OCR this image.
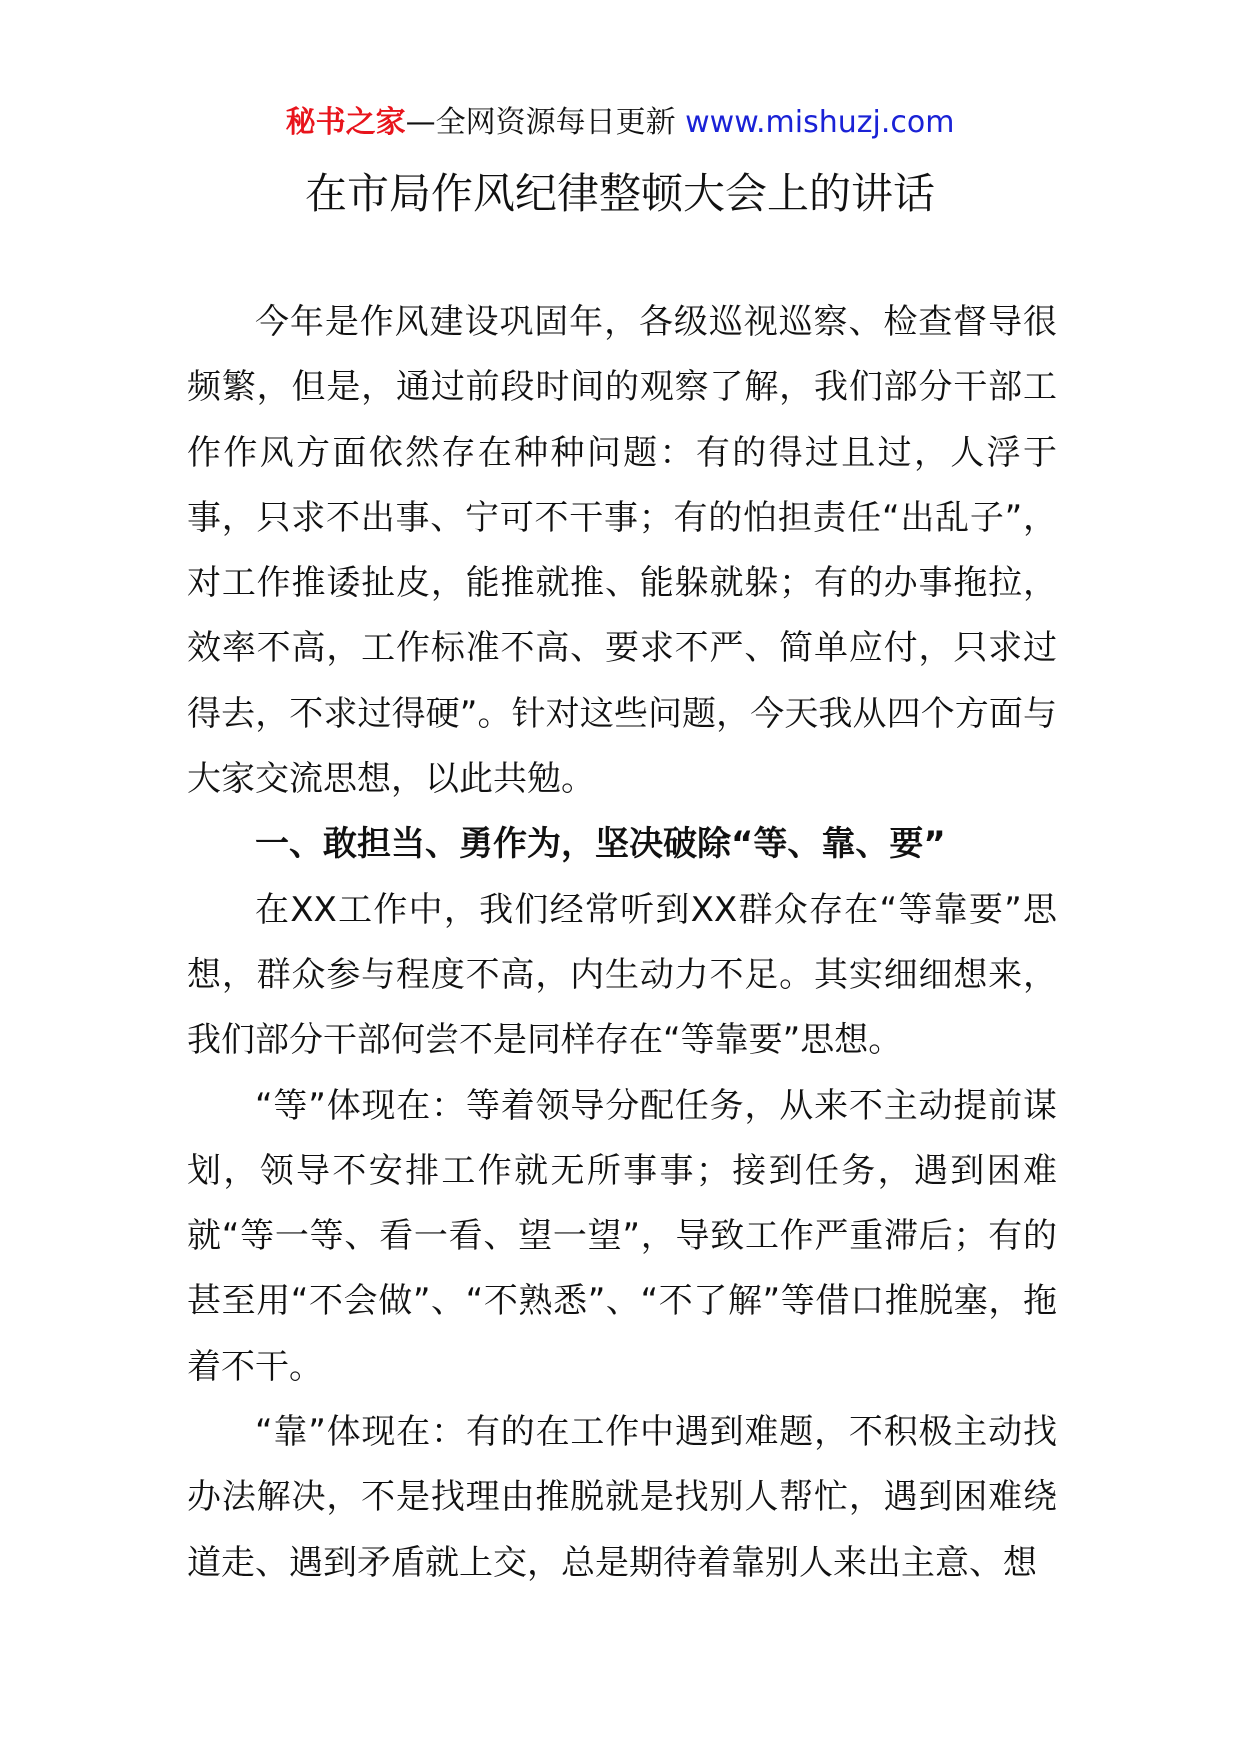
秘书之家—全网资源每日更新 www.mishuzj.com
在市局作风纪律整顿大会上的讲话

今年是作风建设巩固年，各级巡视巡察、检查督导很频繁，但是，通过前段时间的观察了解，我们部分干部工作作风方面依然存在种种问题：有的得过且过，人浮于事，只求不出事、宁可不干事；有的怕担责任“出乱子”，对工作推诿扯皮，能推就推、能躲就躲；有的办事拖拉，效率不高，工作标准不高、要求不严、简单应付，只求过得去，不求过得硬”。针对这些问题，今天我从四个方面与大家交流思想，以此共勉。

一、敢担当、勇作为，坚决破除“等、靠、要”

在XX工作中，我们经常听到XX群众存在“等靠要”思想，群众参与程度不高，内生动力不足。其实细细想来，我们部分干部何尝不是同样存在“等靠要”思想。

“等”体现在：等着领导分配任务，从来不主动提前谋划，领导不安排工作就无所事事；接到任务，遇到困难就“等一等、看一看、望一望”，导致工作严重滞后；有的甚至用“不会做”、“不熟悉”、“不了解”等借口推脱塞，拖着不干。

“靠”体现在：有的在工作中遇到难题，不积极主动找办法解决，不是找理由推脱就是找别人帮忙，遇到困难绕道走、遇到矛盾就上交，总是期待着靠别人来出主意、想
